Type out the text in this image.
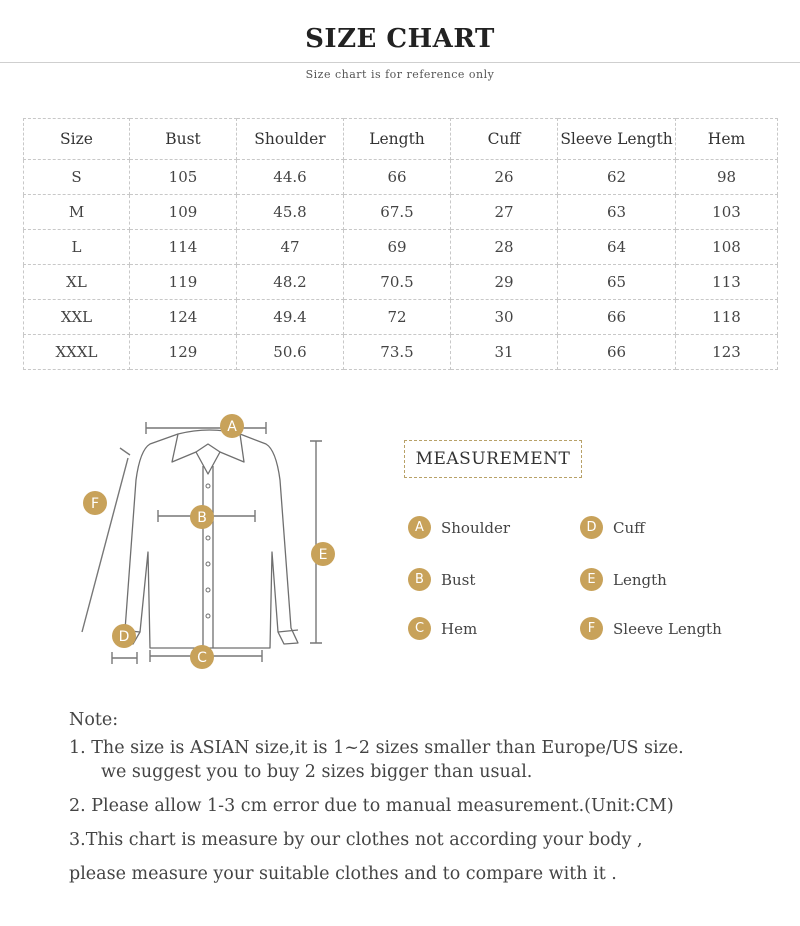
SIZE CHART
Size chart is for reference only
Size	Bust	Shoulder	Length	Cuff	Sleeve Length	Hem
S	105	44.6	66	26	62	98
M	109	45.8	67.5	27	63	103
L	114	47	69	28	64	108
XL	119	48.2	70.5	29	65	113
XXL	124	49.4	72	30	66	118
XXXL	129	50.6	73.5	31	66	123
A
B
C
D
E
F
MEASUREMENT
A	Shoulder
B	Bust
C	Hem
D	Cuff
E	Length
F	Sleeve Length
Note:
1. The size is ASIAN size,it is 1~2 sizes smaller than Europe/US size.
we suggest you to buy 2 sizes bigger than usual.
2. Please allow 1-3 cm error due to manual measurement.(Unit:CM)
3.This chart is measure by our clothes not according your body ,
please measure your suitable clothes and to compare with it .
